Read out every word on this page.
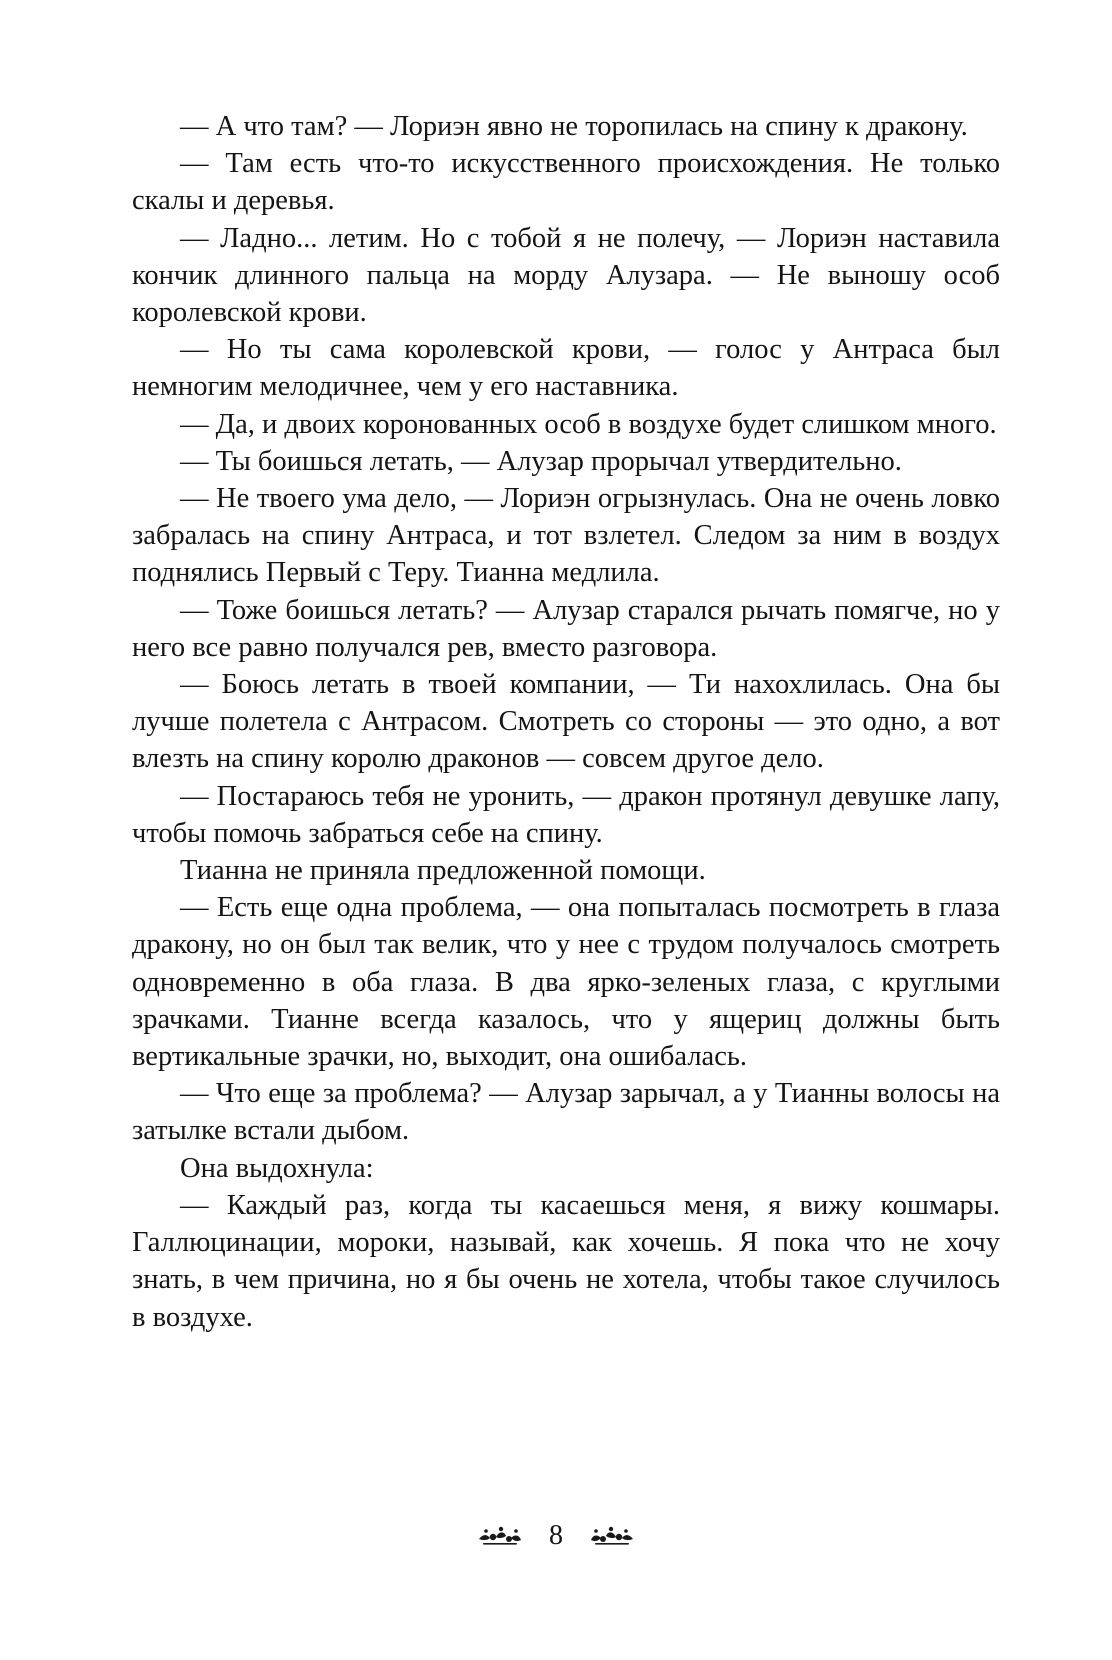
— А что там? — Лориэн явно не торопилась на спину к дракону.

— Там есть что-то искусственного происхождения. Не только скалы и деревья.

— Ладно... летим. Но с тобой я не полечу, — Лориэн наставила кончик длинного пальца на морду Алузара. — Не выношу особ королевской крови.

— Но ты сама королевской крови, — голос у Антраса был немногим мелодичнее, чем у его наставника.

— Да, и двоих коронованных особ в воздухе будет слишком много.

— Ты боишься летать, — Алузар прорычал утвердительно.

— Не твоего ума дело, — Лориэн огрызнулась. Она не очень ловко забралась на спину Антраса, и тот взлетел. Следом за ним в воздух поднялись Первый с Теру. Тианна медлила.

— Тоже боишься летать? — Алузар старался рычать помягче, но у него все равно получался рев, вместо разговора.

— Боюсь летать в твоей компании, — Ти нахохлилась. Она бы лучше полетела с Антрасом. Смотреть со стороны — это одно, а вот влезть на спину королю драконов — совсем другое дело.

— Постараюсь тебя не уронить, — дракон протянул девушке лапу, чтобы помочь забраться себе на спину.

Тианна не приняла предложенной помощи.

— Есть еще одна проблема, — она попыталась посмотреть в глаза дракону, но он был так велик, что у нее с трудом получалось смотреть одновременно в оба глаза. В два ярко-зеленых глаза, с круглыми зрачками. Тианне всегда казалось, что у ящериц должны быть вертикальные зрачки, но, выходит, она ошибалась.

— Что еще за проблема? — Алузар зарычал, а у Тианны волосы на затылке встали дыбом.

Она выдохнула:

— Каждый раз, когда ты касаешься меня, я вижу кошмары. Галлюцинации, мороки, называй, как хочешь. Я пока что не хочу знать, в чем причина, но я бы очень не хотела, чтобы такое случилось в воздухе.

8
